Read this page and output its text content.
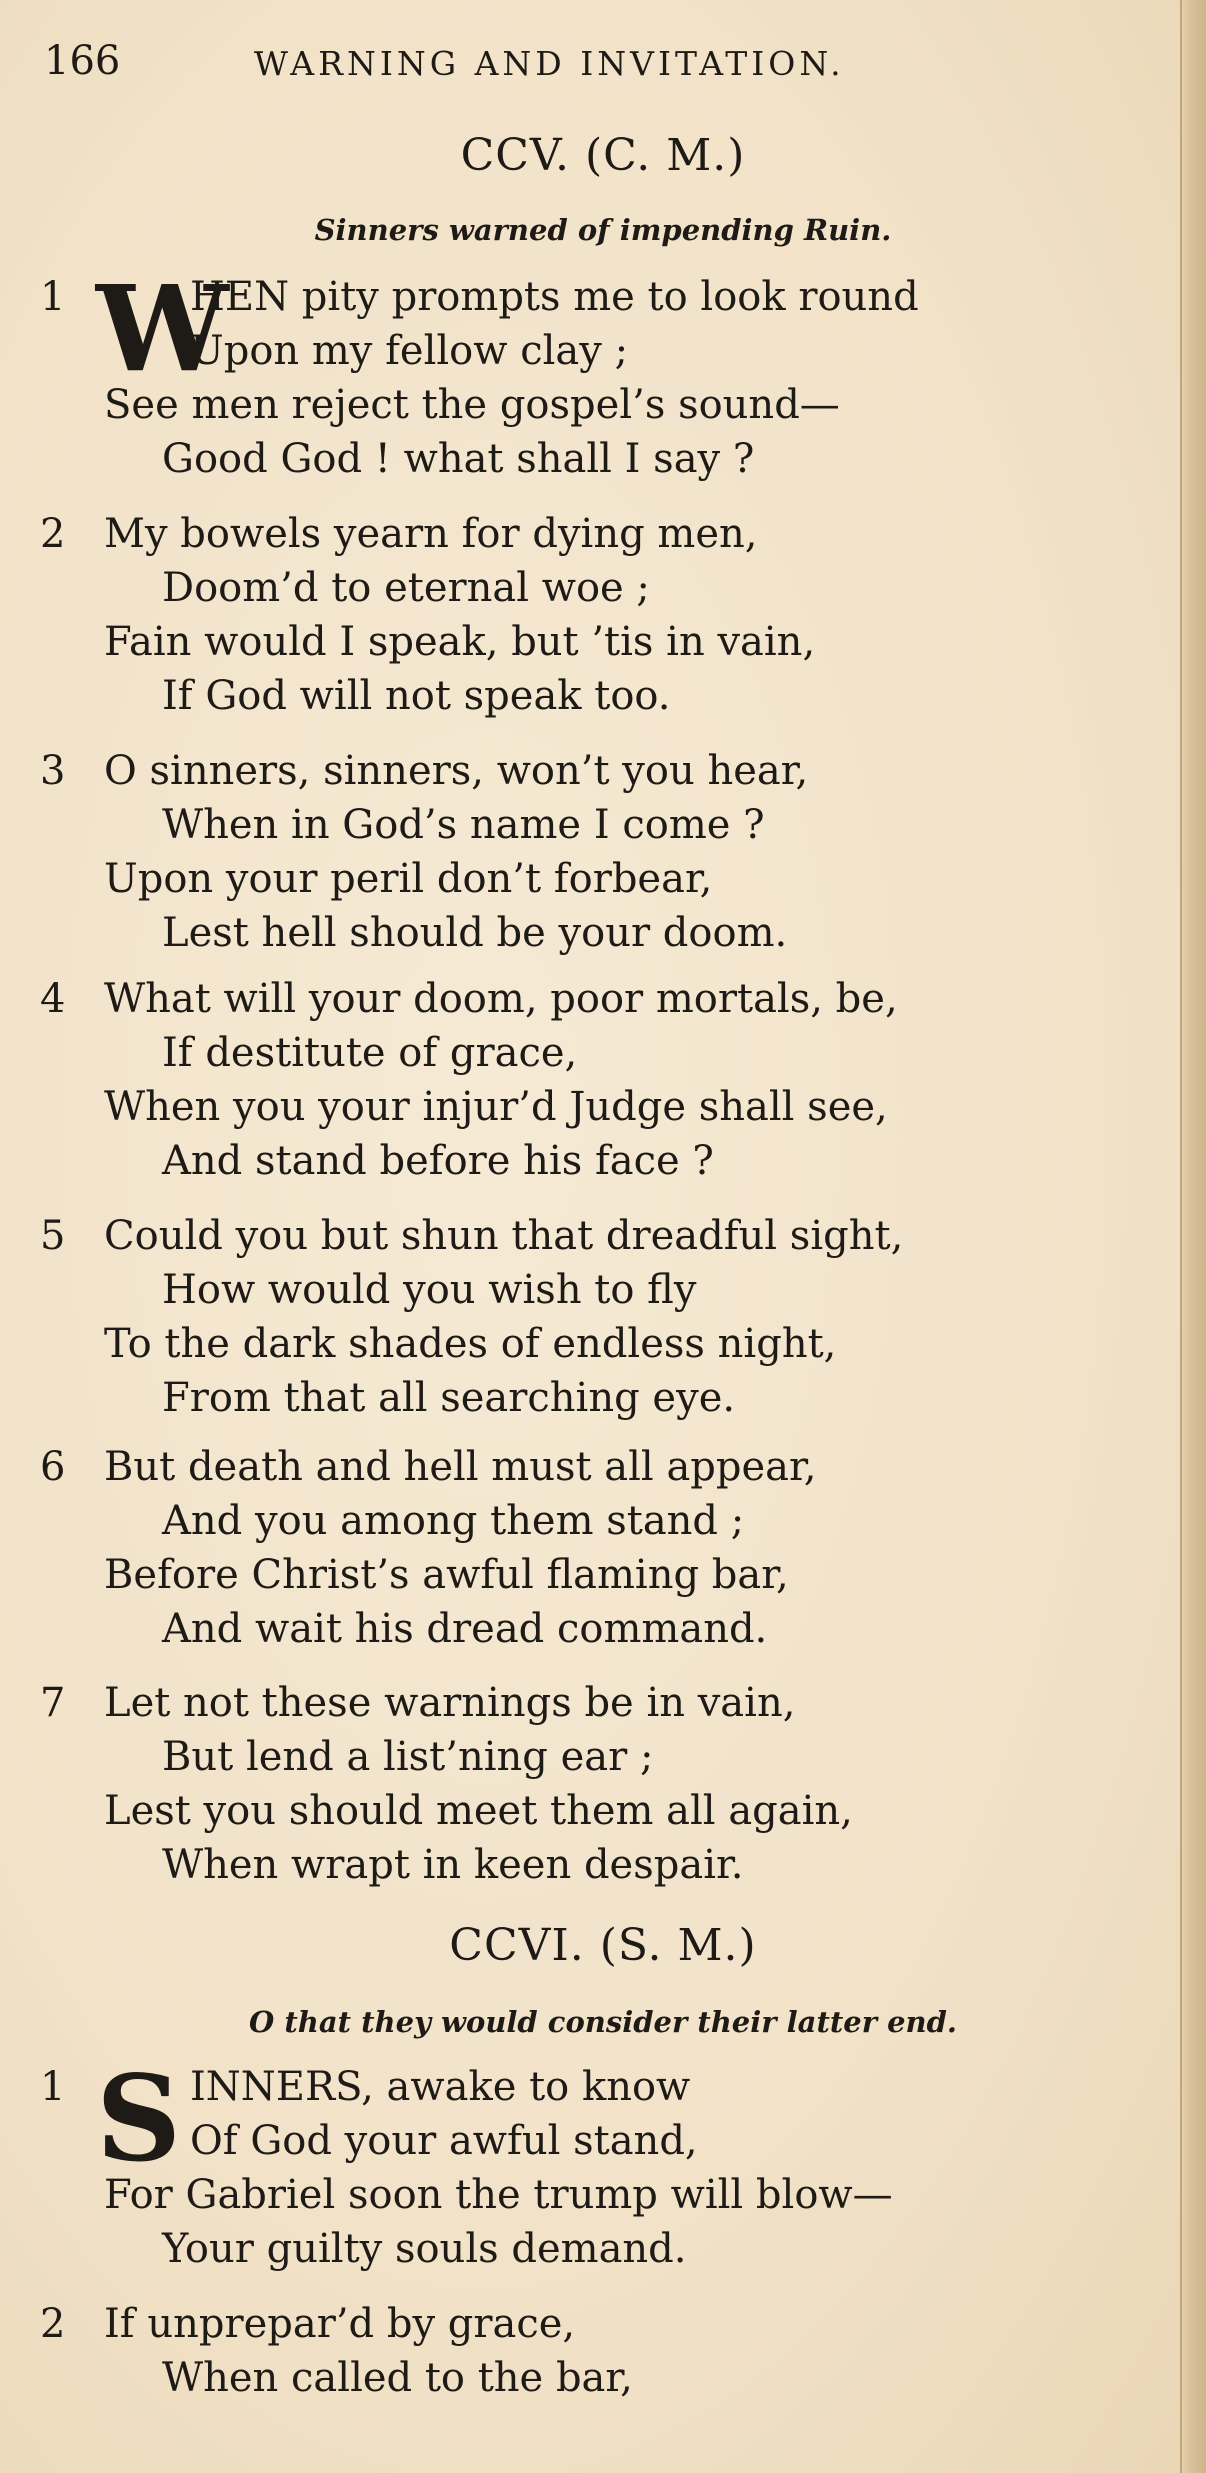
166	WARNING AND INVITATION.
CCV. (C. M.)
Sinners warned of impending Ruin.
1 W
HEN pity prompts me to look round
Upon my fellow clay ;
See men reject the gospel’s sound—
Good God ! what shall I say ?
2 My bowels yearn for dying men,
Doom’d to eternal woe ;
Fain would I speak, but ’tis in vain,
If God will not speak too.
3 O sinners, sinners, won’t you hear,
When in God’s name I come ?
Upon your peril don’t forbear,
Lest hell should be your doom.
4 What will your doom, poor mortals, be,
If destitute of grace,
When you your injur’d Judge shall see,
And stand before his face ?
5 Could you but shun that dreadful sight,
How would you wish to fly
To the dark shades of endless night,
From that all searching eye.
6 But death and hell must all appear,
And you among them stand ;
Before Christ’s awful flaming bar,
And wait his dread command.
7 Let not these warnings be in vain,
But lend a list’ning ear ;
Lest you should meet them all again,
When wrapt in keen despair.
CCVI. (S. M.)
O that they would consider their latter end.
1 S INNERS, awake to know
Of God your awful stand,
For Gabriel soon the trump will blow—
Your guilty souls demand.
2 If unprepar’d by grace,
When called to the bar,
